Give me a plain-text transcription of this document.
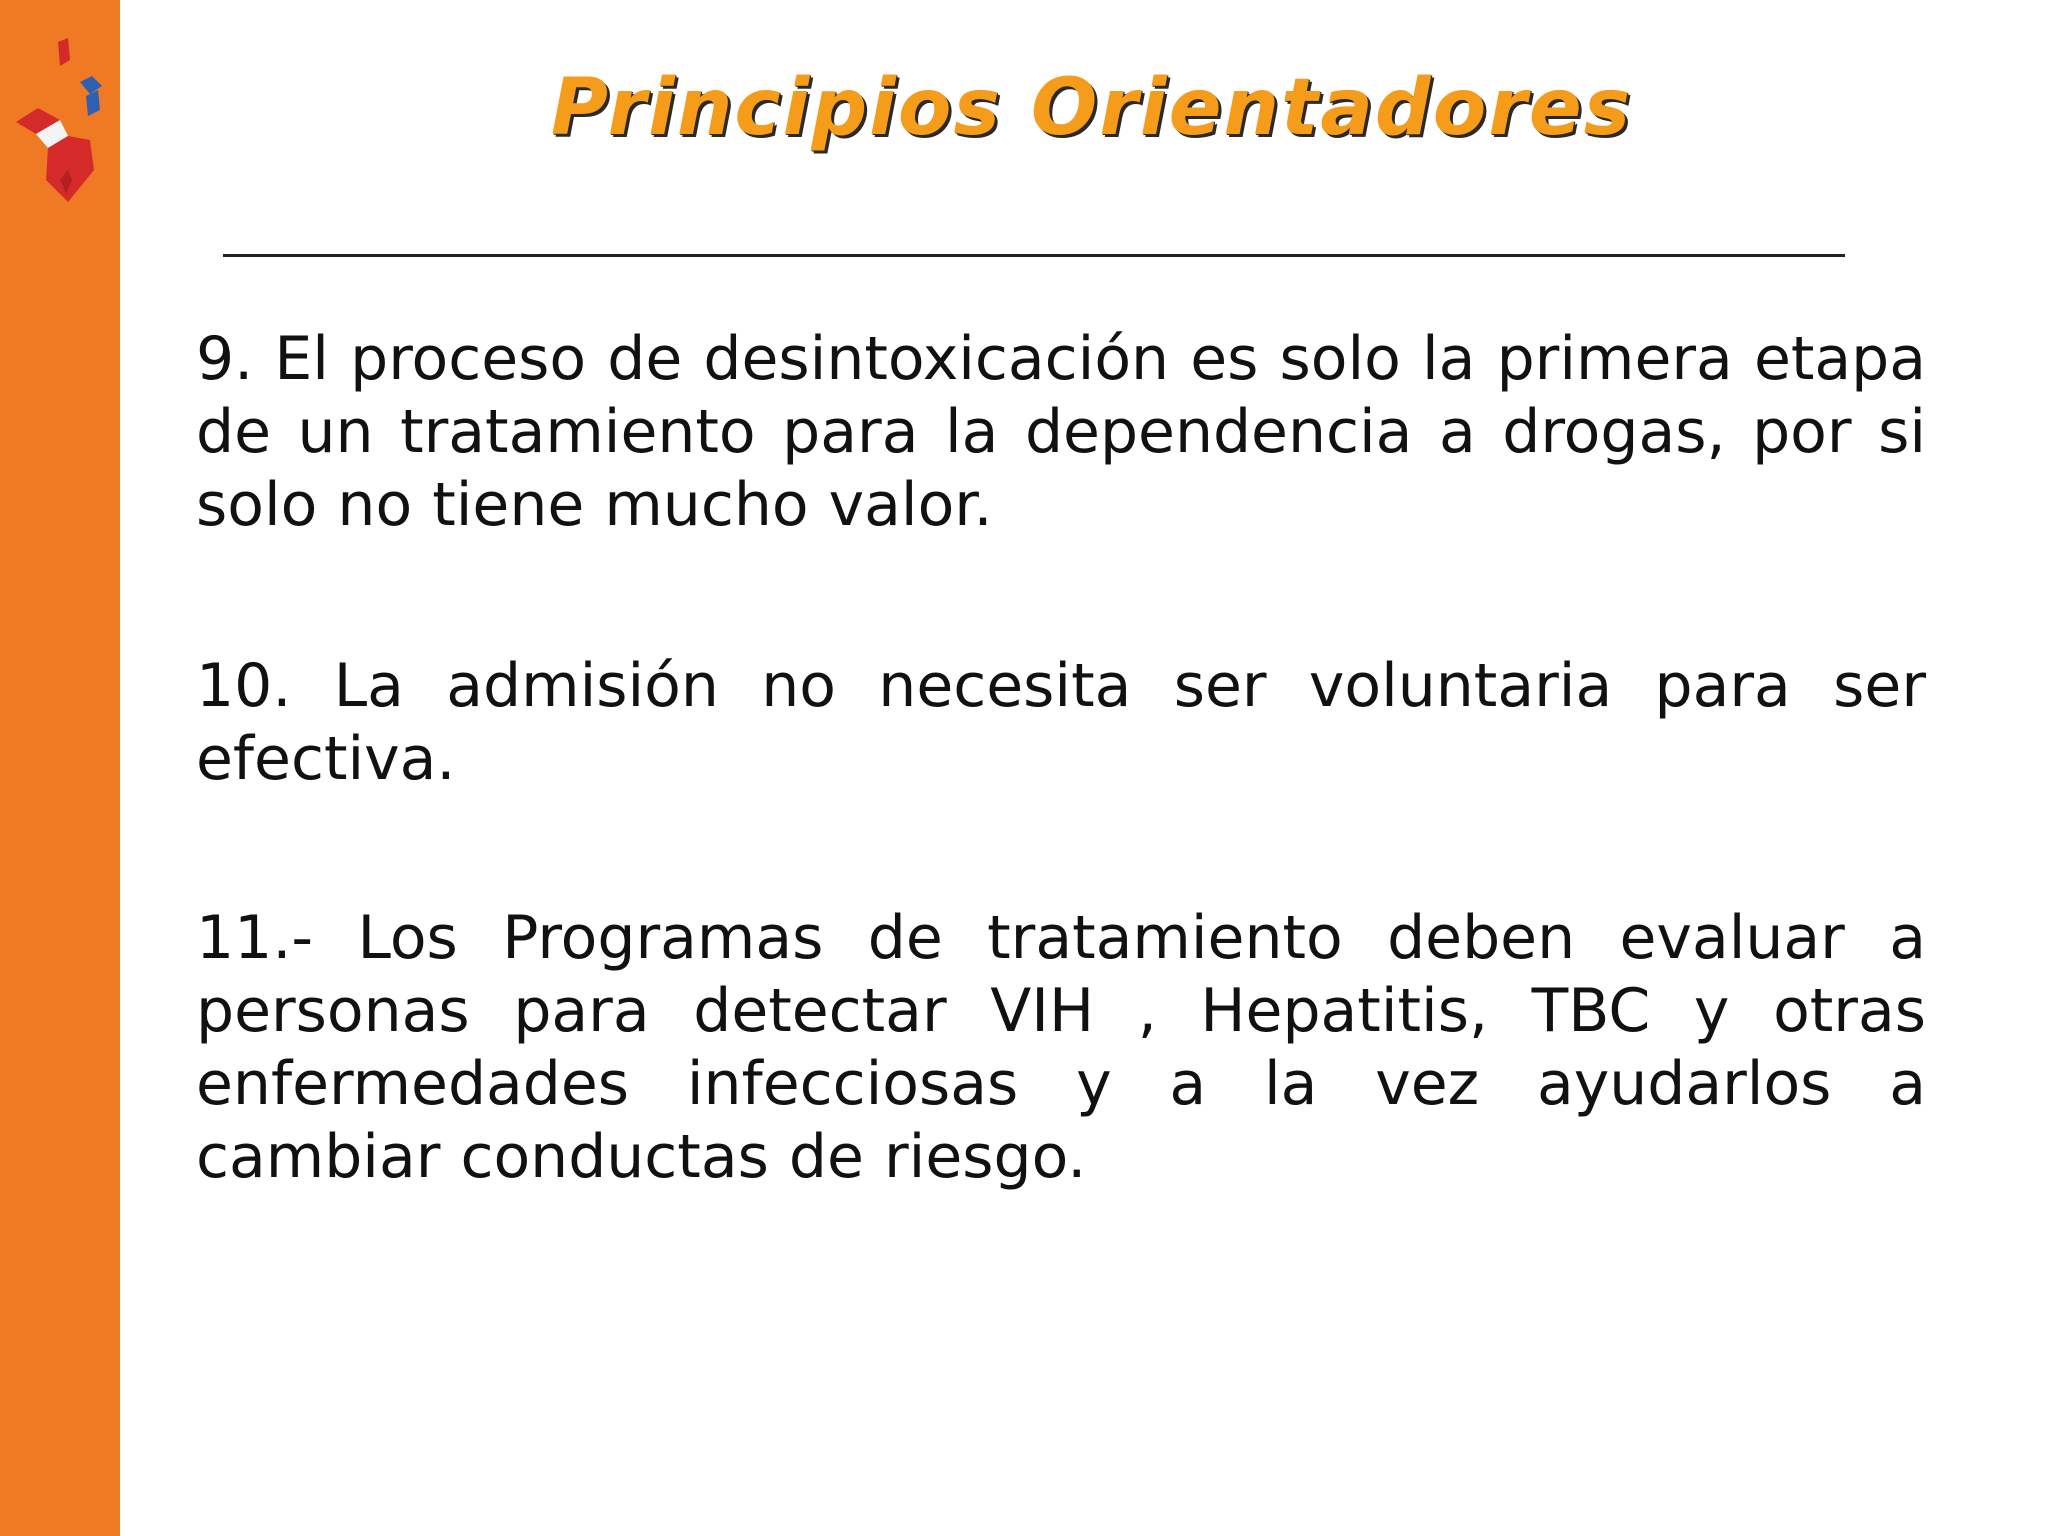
Principios Orientadores

9. El proceso de desintoxicación es solo la primera etapa de un tratamiento para la dependencia a drogas, por si solo no tiene mucho valor.

10. La admisión no necesita ser voluntaria para ser efectiva.

11.- Los Programas de tratamiento deben evaluar a personas para detectar VIH , Hepatitis, TBC y otras enfermedades infecciosas y a la vez ayudarlos a cambiar conductas de riesgo.
